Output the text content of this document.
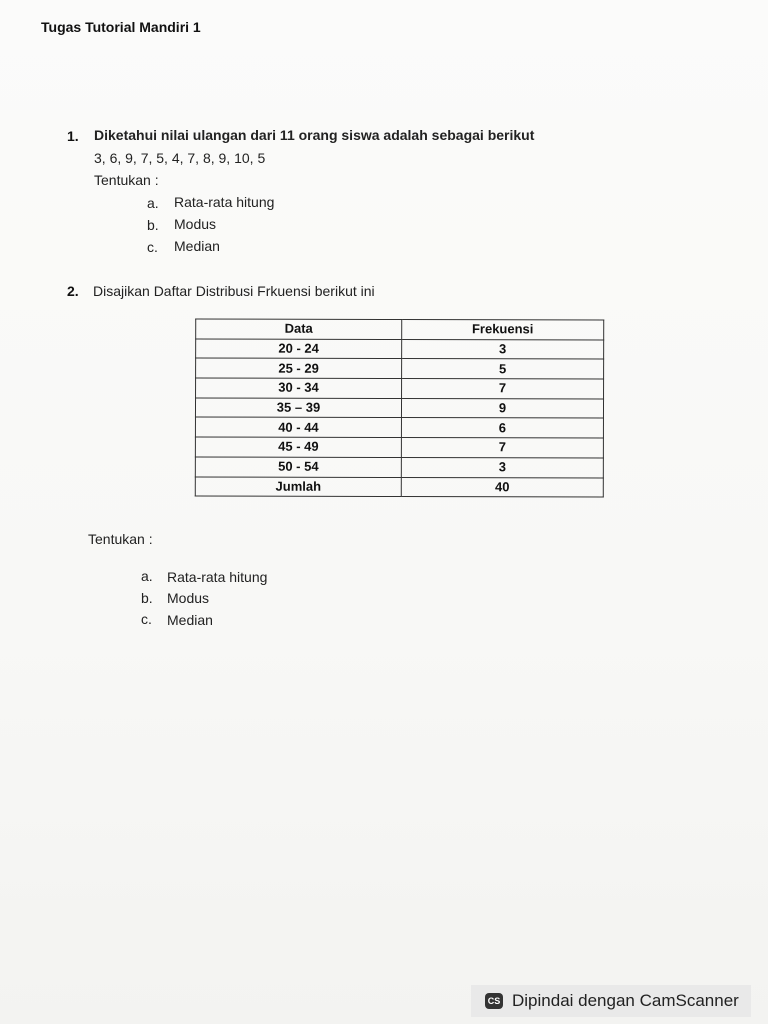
Tugas Tutorial Mandiri 1
1. Diketahui nilai ulangan dari 11 orang siswa adalah sebagai berikut
3, 6, 9, 7, 5, 4, 7, 8, 9, 10, 5
Tentukan :
a. Rata-rata hitung
b. Modus
c. Median
2. Disajikan Daftar Distribusi Frkuensi berikut ini
Data	Frekuensi
20 - 24	3
25 - 29	5
30 - 34	7
35 – 39	9
40 - 44	6
45 - 49	7
50 - 54	3
Jumlah	40
Tentukan :
a. Rata-rata hitung
b. Modus
c. Median
CS Dipindai dengan CamScanner
